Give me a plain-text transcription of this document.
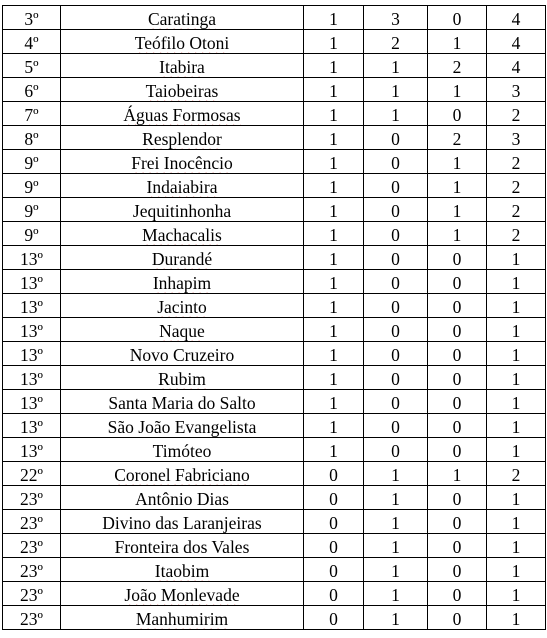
3º	Caratinga	1	3	0	4
4º	Teófilo Otoni	1	2	1	4
5º	Itabira	1	1	2	4
6º	Taiobeiras	1	1	1	3
7º	Águas Formosas	1	1	0	2
8º	Resplendor	1	0	2	3
9º	Frei Inocêncio	1	0	1	2
9º	Indaiabira	1	0	1	2
9º	Jequitinhonha	1	0	1	2
9º	Machacalis	1	0	1	2
13º	Durandé	1	0	0	1
13º	Inhapim	1	0	0	1
13º	Jacinto	1	0	0	1
13º	Naque	1	0	0	1
13º	Novo Cruzeiro	1	0	0	1
13º	Rubim	1	0	0	1
13º	Santa Maria do Salto	1	0	0	1
13º	São João Evangelista	1	0	0	1
13º	Timóteo	1	0	0	1
22º	Coronel Fabriciano	0	1	1	2
23º	Antônio Dias	0	1	0	1
23º	Divino das Laranjeiras	0	1	0	1
23º	Fronteira dos Vales	0	1	0	1
23º	Itaobim	0	1	0	1
23º	João Monlevade	0	1	0	1
23º	Manhumirim	0	1	0	1
